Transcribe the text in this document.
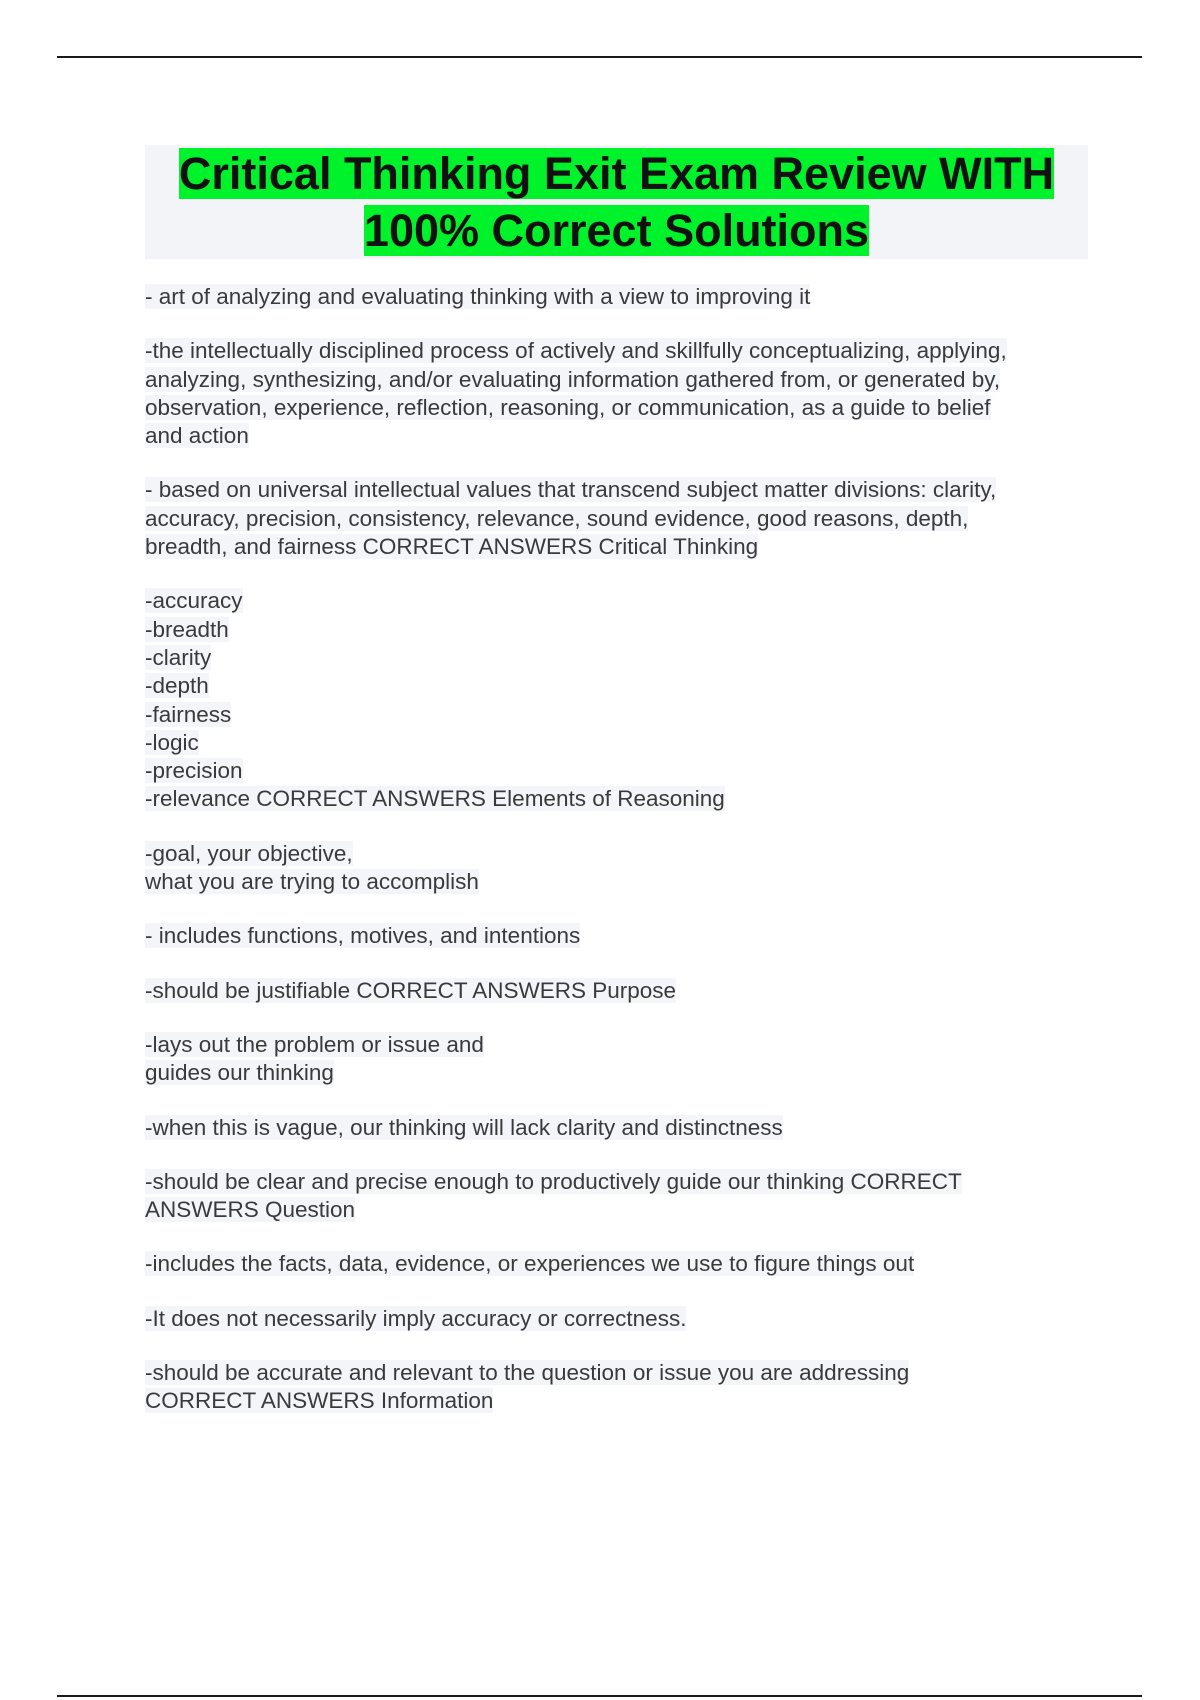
Critical Thinking Exit Exam Review WITH
100% Correct Solutions
- art of analyzing and evaluating thinking with a view to improving it
-the intellectually disciplined process of actively and skillfully conceptualizing, applying,
analyzing, synthesizing, and/or evaluating information gathered from, or generated by,
observation, experience, reflection, reasoning, or communication, as a guide to belief
and action
- based on universal intellectual values that transcend subject matter divisions: clarity,
accuracy, precision, consistency, relevance, sound evidence, good reasons, depth,
breadth, and fairness CORRECT ANSWERS Critical Thinking
-accuracy
-breadth
-clarity
-depth
-fairness
-logic
-precision
-relevance CORRECT ANSWERS Elements of Reasoning
-goal, your objective,
what you are trying to accomplish
- includes functions, motives, and intentions
-should be justifiable CORRECT ANSWERS Purpose
-lays out the problem or issue and
guides our thinking
-when this is vague, our thinking will lack clarity and distinctness
-should be clear and precise enough to productively guide our thinking CORRECT
ANSWERS Question
-includes the facts, data, evidence, or experiences we use to figure things out
-It does not necessarily imply accuracy or correctness.
-should be accurate and relevant to the question or issue you are addressing
CORRECT ANSWERS Information
